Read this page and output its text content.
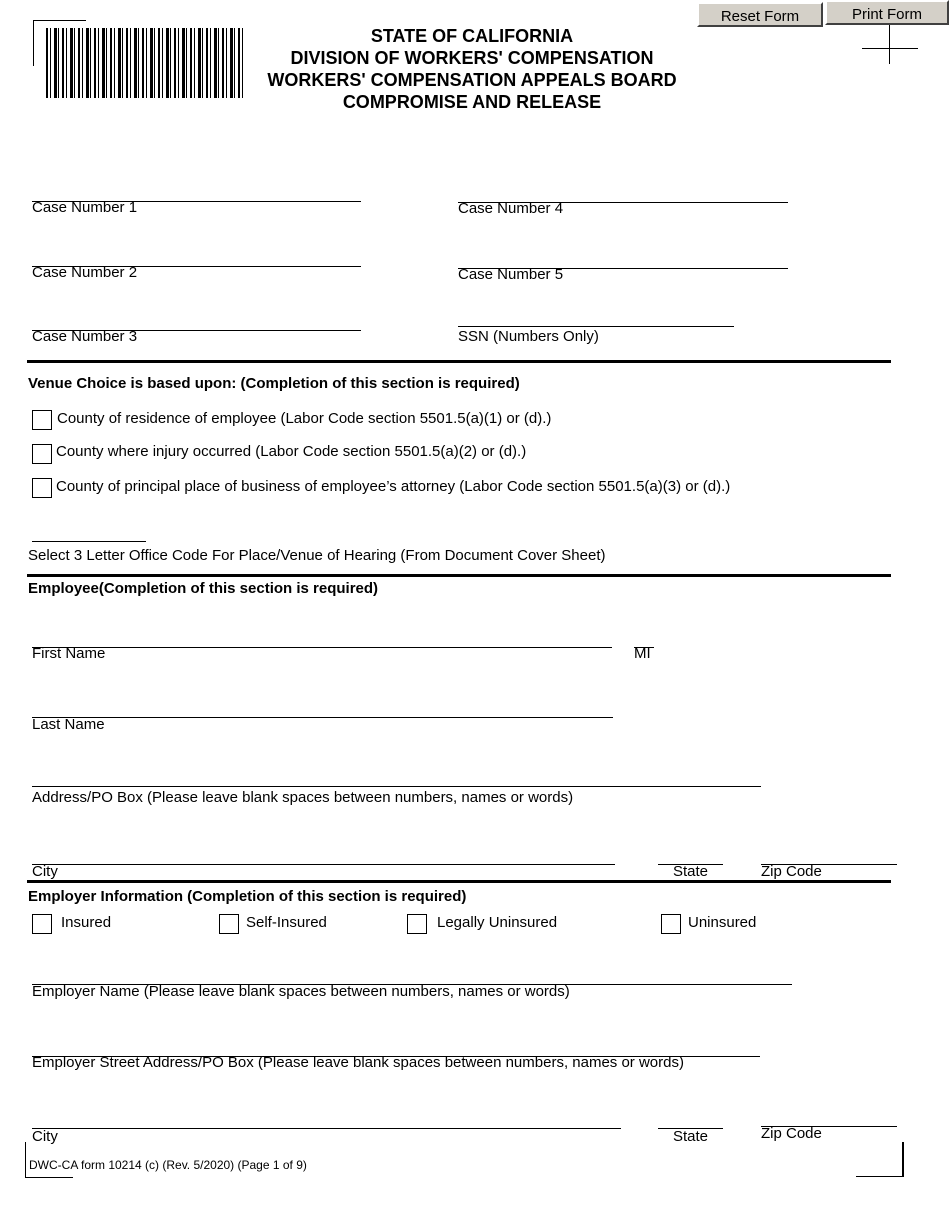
STATE OF CALIFORNIA
DIVISION OF WORKERS' COMPENSATION
WORKERS' COMPENSATION APPEALS BOARD
COMPROMISE AND RELEASE
Reset Form	Print Form
Case Number 1
Case Number 2
Case Number 3
Case Number 4
Case Number 5
SSN (Numbers Only)
Venue Choice is based upon: (Completion of this section is required)
County of residence of employee (Labor Code section 5501.5(a)(1) or (d).)
County where injury occurred (Labor Code section 5501.5(a)(2) or (d).)
County of principal place of business of employee’s attorney (Labor Code section 5501.5(a)(3) or (d).)
Select 3 Letter Office Code For Place/Venue of Hearing (From Document Cover Sheet)
Employee(Completion of this section is required)
First Name	MI
Last Name
Address/PO Box (Please leave blank spaces between numbers, names or words)
City	State	Zip Code
Employer Information (Completion of this section is required)
Insured	Self-Insured	Legally Uninsured	Uninsured
Employer Name (Please leave blank spaces between numbers, names or words)
Employer Street Address/PO Box (Please leave blank spaces between numbers, names or words)
City	State	Zip Code
DWC-CA form 10214 (c) (Rev. 5/2020) (Page 1 of 9)
